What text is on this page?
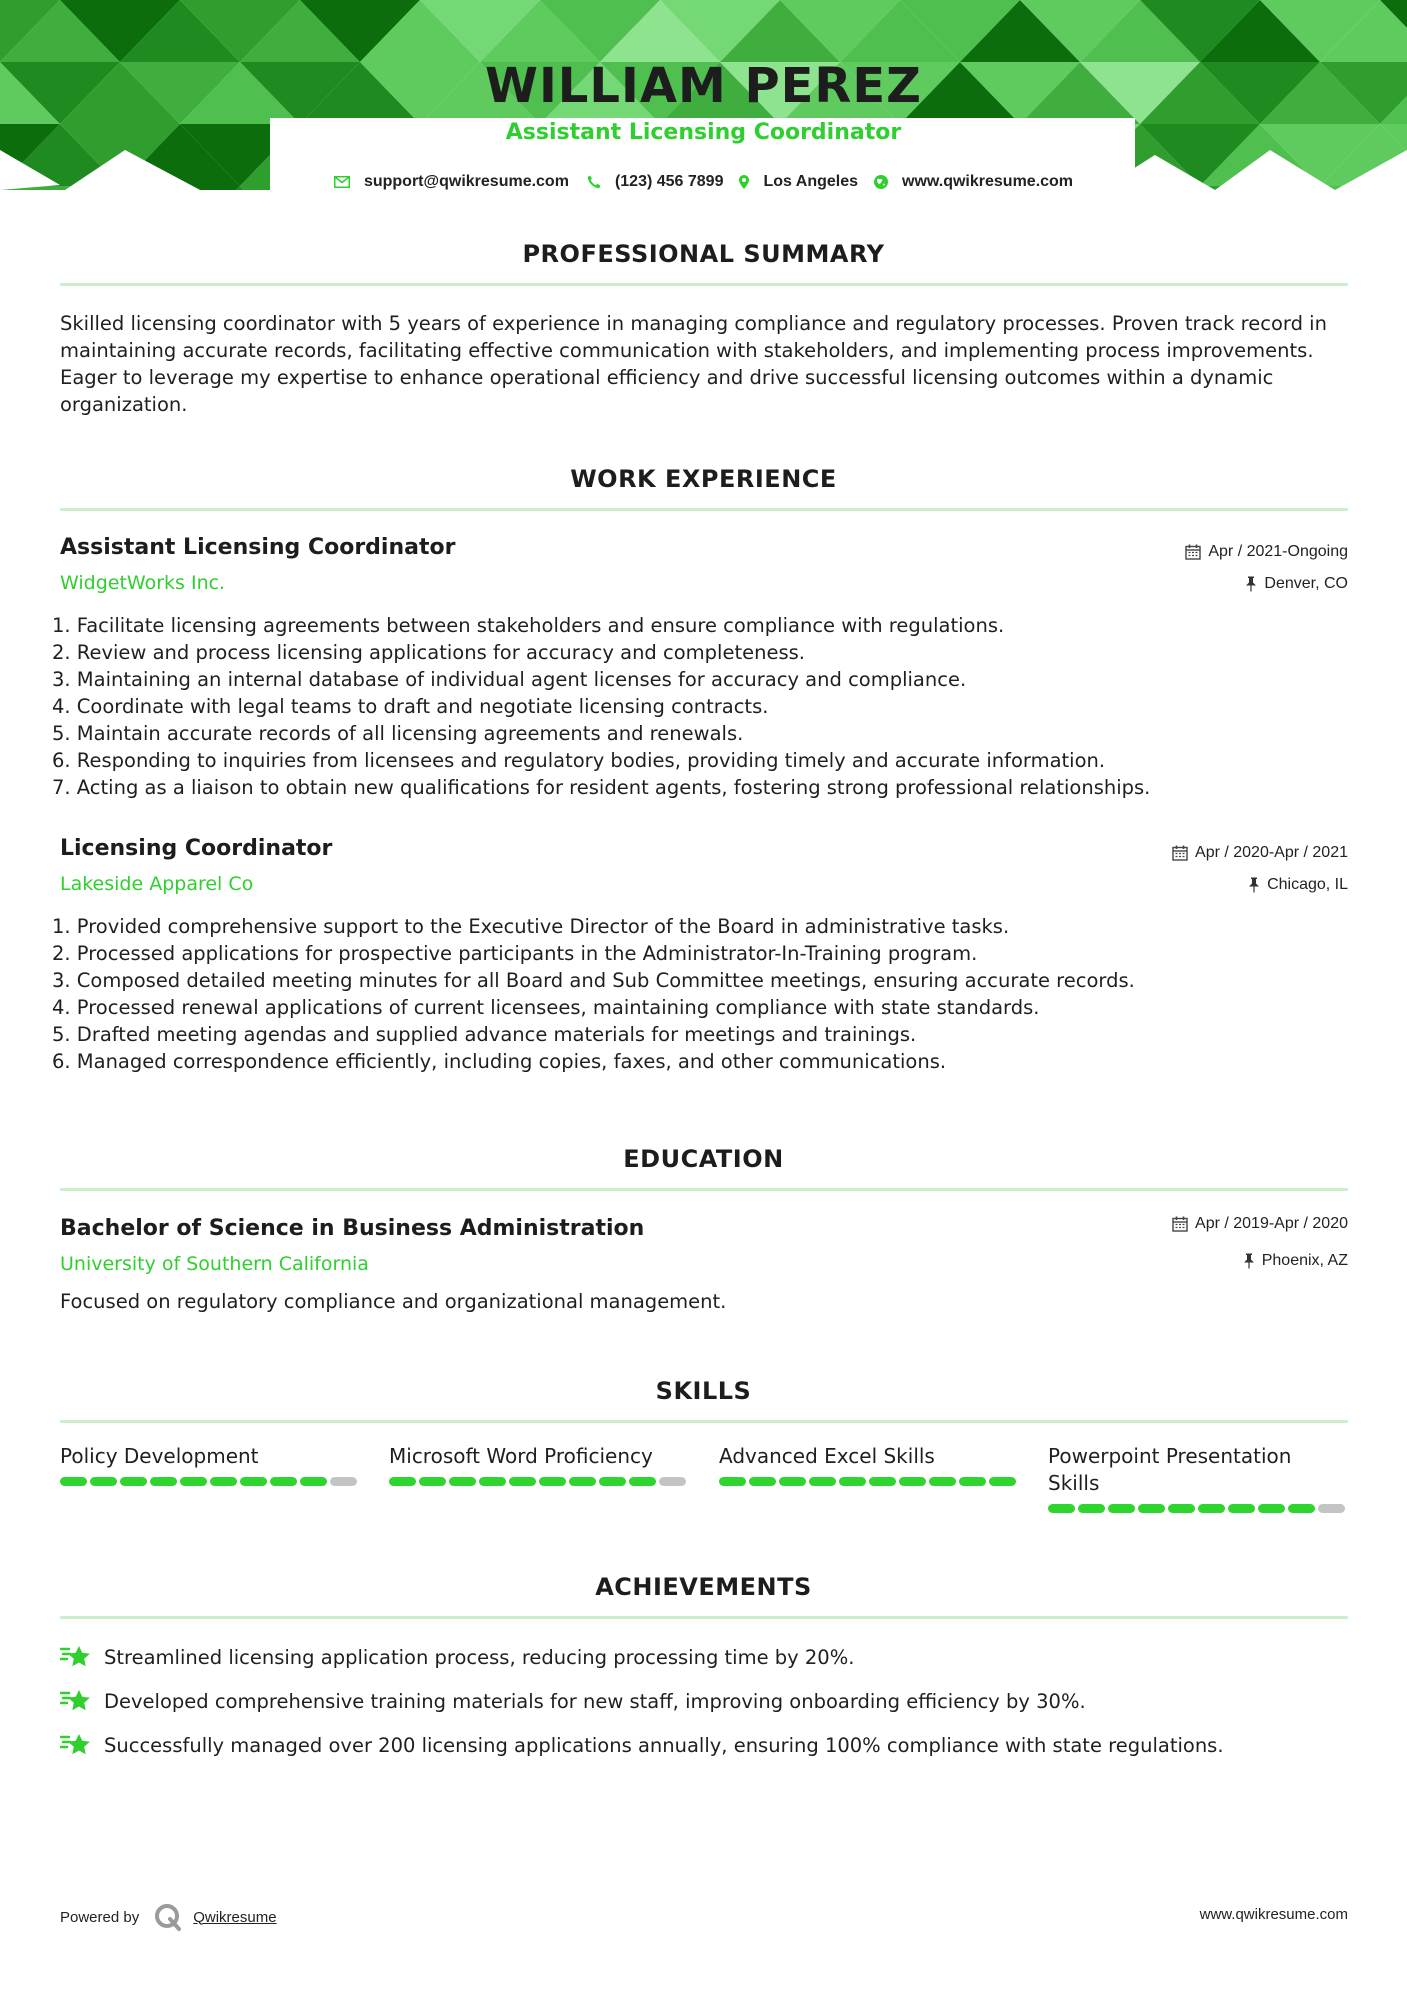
WILLIAM PEREZ
Assistant Licensing Coordinator
support@qwikresume.com	(123) 456 7899	Los Angeles	www.qwikresume.com
PROFESSIONAL SUMMARY

Skilled licensing coordinator with 5 years of experience in managing compliance and regulatory processes. Proven track record in maintaining accurate records, facilitating effective communication with stakeholders, and implementing process improvements. Eager to leverage my expertise to enhance operational efficiency and drive successful licensing outcomes within a dynamic organization.

WORK EXPERIENCE
Assistant Licensing Coordinator
WidgetWorks Inc.
Apr / 2021-Ongoing
Denver, CO
1. Facilitate licensing agreements between stakeholders and ensure compliance with regulations.
2. Review and process licensing applications for accuracy and completeness.
3. Maintaining an internal database of individual agent licenses for accuracy and compliance.
4. Coordinate with legal teams to draft and negotiate licensing contracts.
5. Maintain accurate records of all licensing agreements and renewals.
6. Responding to inquiries from licensees and regulatory bodies, providing timely and accurate information.
7. Acting as a liaison to obtain new qualifications for resident agents, fostering strong professional relationships.
Licensing Coordinator
Lakeside Apparel Co
Apr / 2020-Apr / 2021
Chicago, IL
1. Provided comprehensive support to the Executive Director of the Board in administrative tasks.
2. Processed applications for prospective participants in the Administrator-In-Training program.
3. Composed detailed meeting minutes for all Board and Sub Committee meetings, ensuring accurate records.
4. Processed renewal applications of current licensees, maintaining compliance with state standards.
5. Drafted meeting agendas and supplied advance materials for meetings and trainings.
6. Managed correspondence efficiently, including copies, faxes, and other communications.
EDUCATION
Bachelor of Science in Business Administration
University of Southern California
Apr / 2019-Apr / 2020
Phoenix, AZ

Focused on regulatory compliance and organizational management.

SKILLS
Policy Development	Microsoft Word Proficiency	Advanced Excel Skills	Powerpoint Presentation Skills
ACHIEVEMENTS
Streamlined licensing application process, reducing processing time by 20%.
Developed comprehensive training materials for new staff, improving onboarding efficiency by 30%.
Successfully managed over 200 licensing applications annually, ensuring 100% compliance with state regulations.
Powered by	Qwikresume	www.qwikresume.com
